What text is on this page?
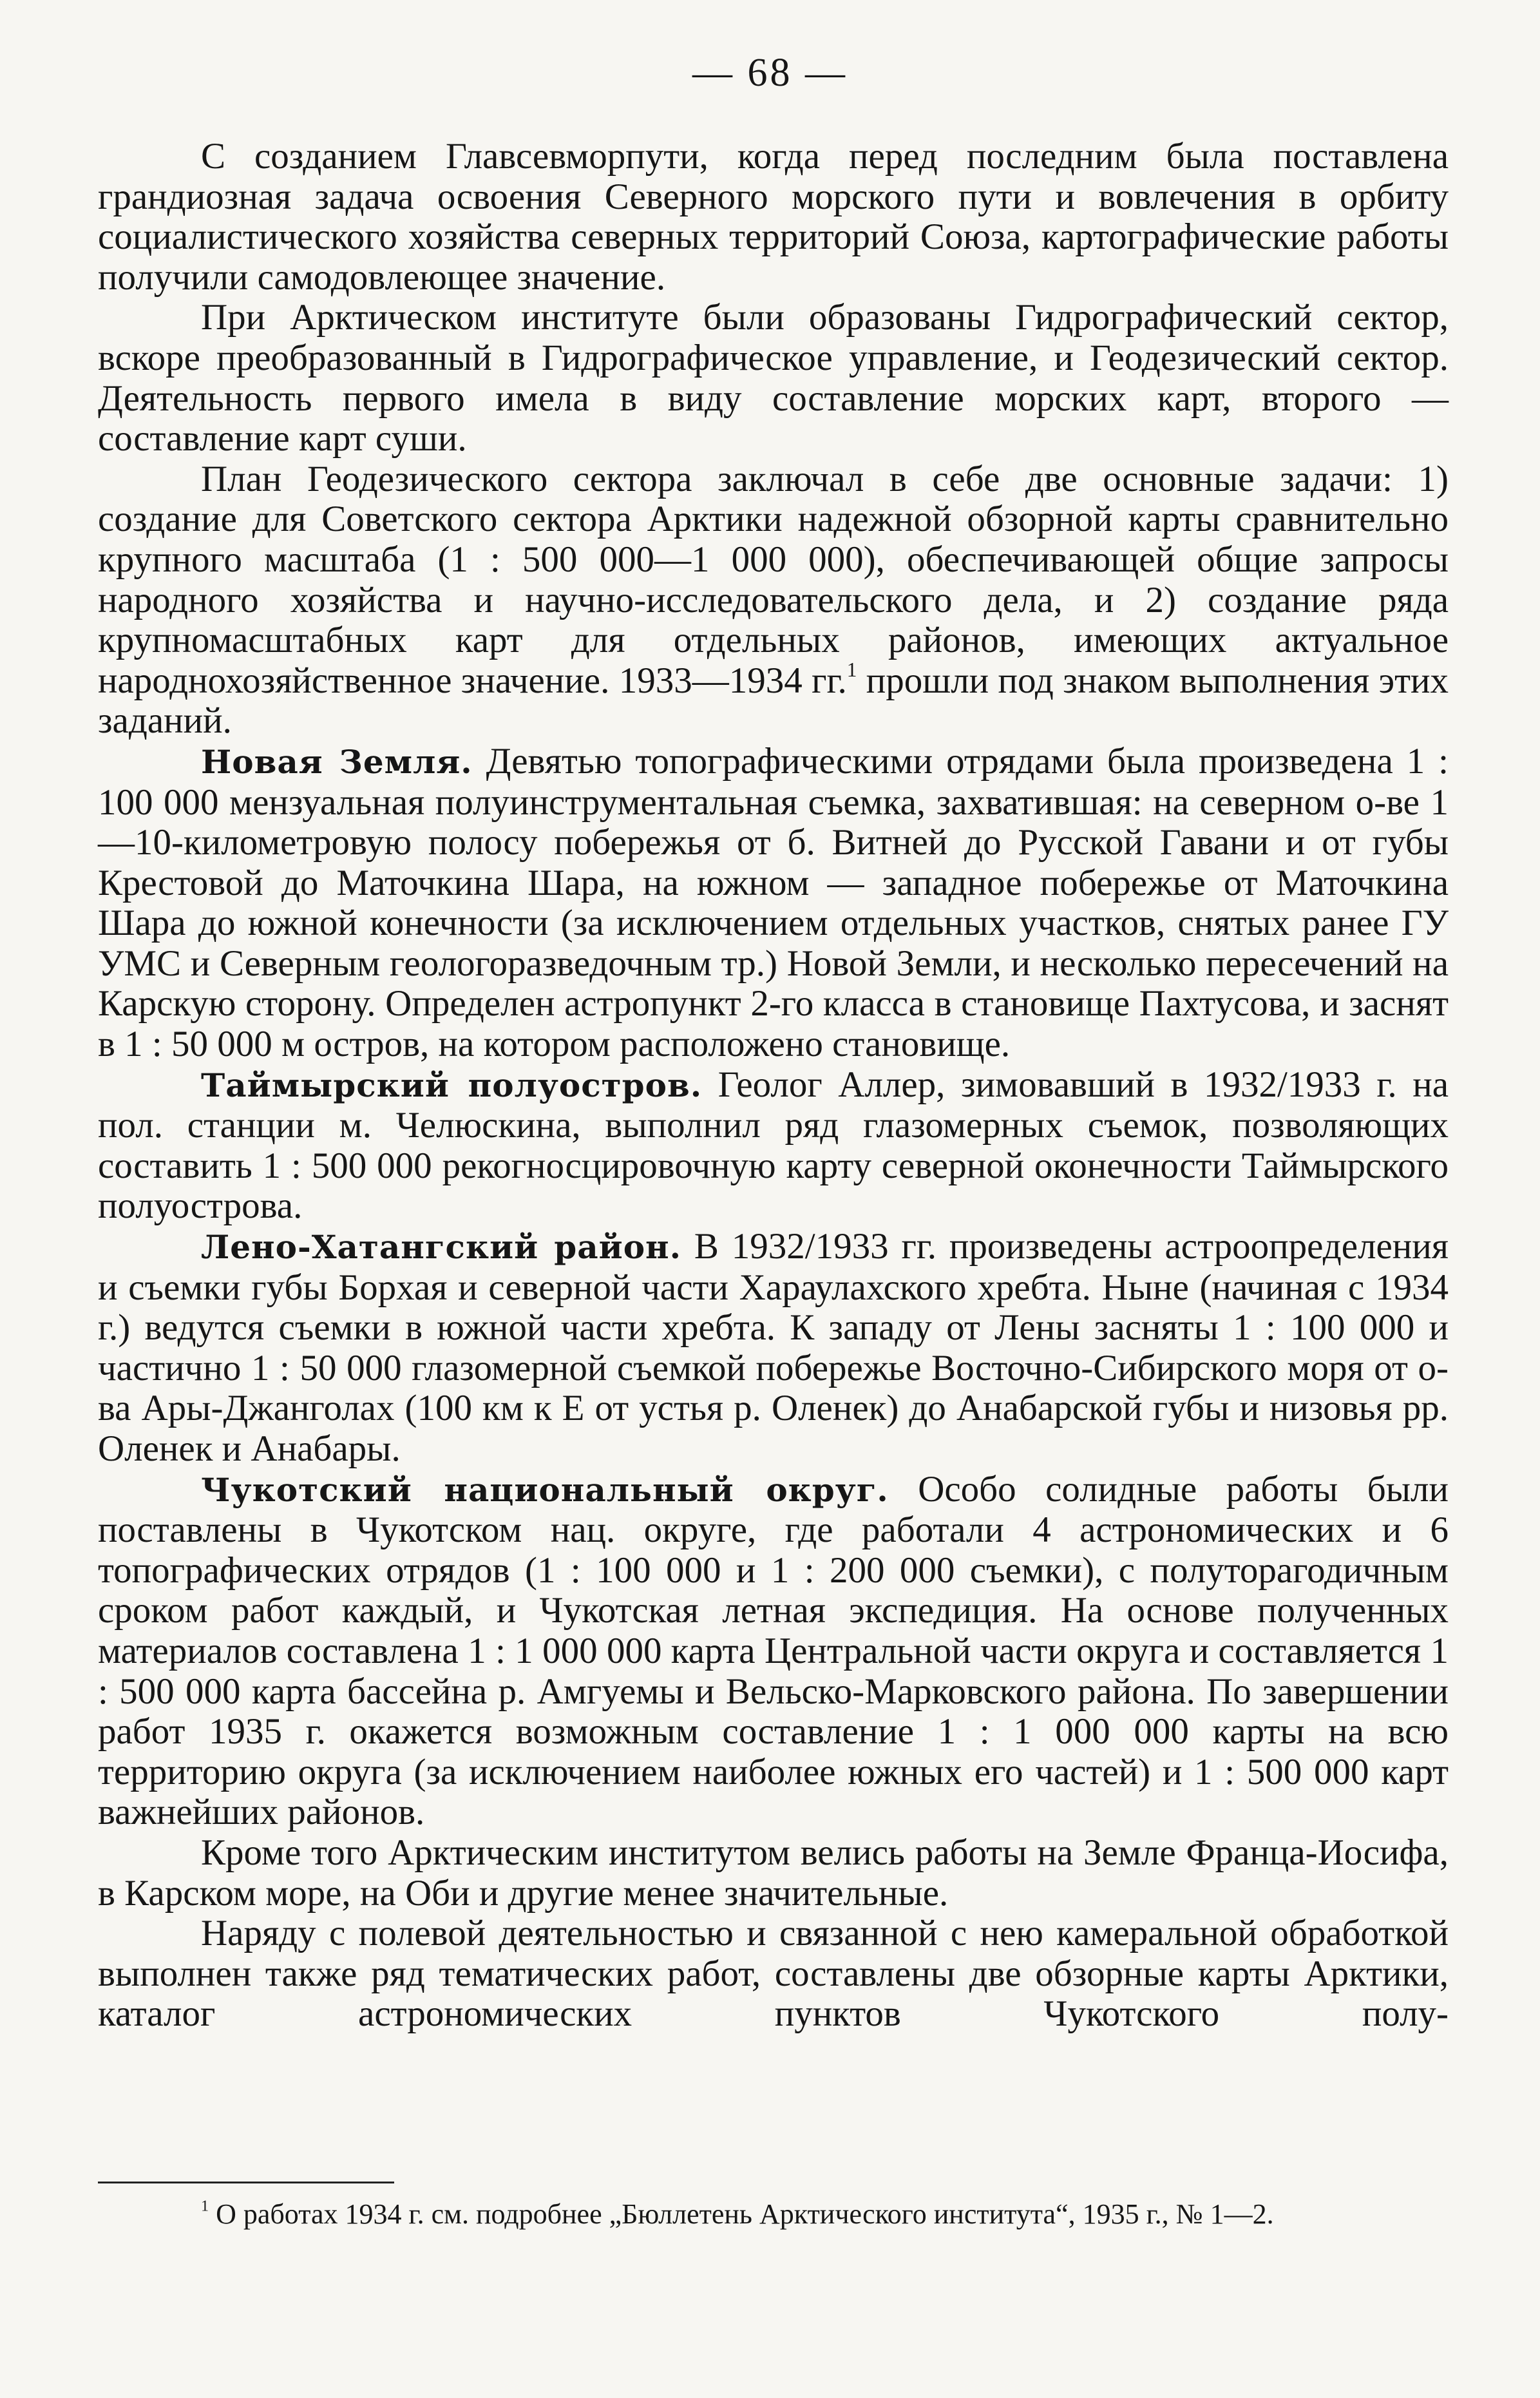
— 68 —

С созданием Главсевморпути, когда перед последним была поставлена грандиозная задача освоения Северного морского пути и вовлечения в орбиту социалистического хозяйства северных территорий Союза, картографические работы получили самодовлеющее значение.

При Арктическом институте были образованы Гидрографический сектор, вскоре преобразованный в Гидрографическое управление, и Геодезический сектор. Деятельность первого имела в виду составление морских карт, второго — составление карт суши.

План Геодезического сектора заключал в себе две основные задачи: 1) создание для Советского сектора Арктики надежной обзорной карты сравнительно крупного масштаба (1 : 500 000—1 000 000), обеспечивающей общие запросы народного хозяйства и научно-исследовательского дела, и 2) создание ряда крупномасштабных карт для отдельных районов, имеющих актуальное народнохозяйственное значение. 1933—1934 гг.$^1$ прошли под знаком выполнения этих заданий.

Новая Земля. Девятью топографическими отрядами была произведена 1 : 100 000 мензуальная полуинструментальная съемка, захватившая: на северном о-ве 1—10-километровую полосу побережья от б. Витней до Русской Гавани и от губы Крестовой до Маточкина Шара, на южном — западное побережье от Маточкина Шара до южной конечности (за исключением отдельных участков, снятых ранее ГУ УМС и Северным геологоразведочным тр.) Новой Земли, и несколько пересечений на Карскую сторону. Определен астропункт 2-го класса в становище Пахтусова, и заснят в 1 : 50 000 м остров, на котором расположено становище.

Таймырский полуостров. Геолог Аллер, зимовавший в 1932/1933 г. на пол. станции м. Челюскина, выполнил ряд глазомерных съемок, позволяющих составить 1 : 500 000 рекогносцировочную карту северной оконечности Таймырского полуострова.

Лено-Хатангский район. В 1932/1933 гг. произведены астроопределения и съемки губы Борхая и северной части Хараулахского хребта. Ныне (начиная с 1934 г.) ведутся съемки в южной части хребта. К западу от Лены засняты 1 : 100 000 и частично 1 : 50 000 глазомерной съемкой побережье Восточно-Сибирского моря от о-ва Ары-Джанголах (100 км к Е от устья р. Оленек) до Анабарской губы и низовья рр. Оленек и Анабары.

Чукотский национальный округ. Особо солидные работы были поставлены в Чукотском нац. округе, где работали 4 астрономических и 6 топографических отрядов (1 : 100 000 и 1 : 200 000 съемки), с полуторагодичным сроком работ каждый, и Чукотская летная экспедиция. На основе полученных материалов составлена 1 : 1 000 000 карта Центральной части округа и составляется 1 : 500 000 карта бассейна р. Амгуемы и Вельско-Марковского района. По завершении работ 1935 г. окажется возможным составление 1 : 1 000 000 карты на всю территорию округа (за исключением наиболее южных его частей) и 1 : 500 000 карт важнейших районов.

Кроме того Арктическим институтом велись работы на Земле Франца-Иосифа, в Карском море, на Оби и другие менее значительные.

Наряду с полевой деятельностью и связанной с нею камеральной обработкой выполнен также ряд тематических работ, составлены две обзорные карты Арктики, каталог астрономических пунктов Чукотского полу-

$^1$ О работах 1934 г. см. подробнее „Бюллетень Арктического института“, 1935 г., № 1—2.
